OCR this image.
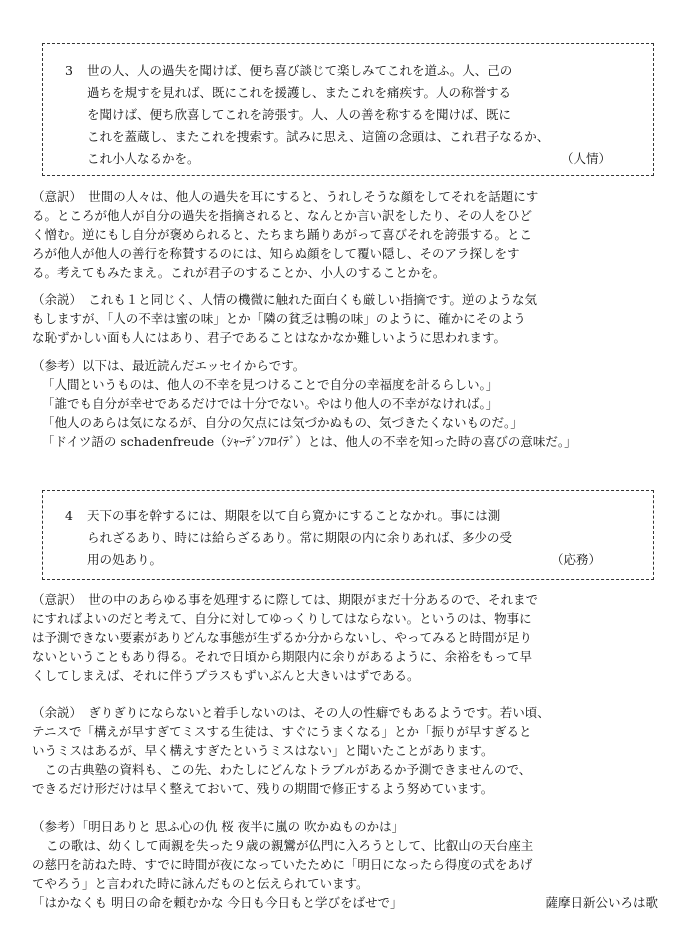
3 世の人、人の過失を聞けば、便ち喜び談じて楽しみてこれを道ふ。人、己の

過ちを規すを見れば、既にこれを援護し、またこれを痛疾す。人の称誉する

を聞けば、便ち欣喜してこれを誇張す。人、人の善を称するを聞けば、既に

これを蓋蔵し、またこれを捜索す。試みに思え、這箇の念頭は、これ君子なるか、

これ小人なるかを。	（人情）

（意訳）　 世間の人々は、他人の過失を耳にすると、うれしそうな顔をしてそれを話題にす

る。ところが他人が自分の過失を指摘されると、なんとか言い訳をしたり、その人をひど

く憎む。逆にもし自分が褒められると、たちまち踊りあがって喜びそれを誇張する。とこ

ろが他人が他人の善行を称賛するのには、知らぬ顔をして覆い隠し、そのアラ探しをす

る。考えてもみたまえ。これが君子のすることか、小人のすることかを。

（余説）　 これも１と同じく、人情の機微に触れた面白くも厳しい指摘です。逆のような気

もしますが、「人の不幸は蜜の味」とか「隣の貧乏は鴨の味」のように、確かにそのよう

な恥ずかしい面も人にはあり、君子であることはなかなか難しいように思われます。

（参考）以下は、最近読んだエッセイからです。

「人間というものは、他人の不幸を見つけることで自分の幸福度を計るらしい。」

「誰でも自分が幸せであるだけでは十分でない。やはり他人の不幸がなければ。」

「他人のあらは気になるが、自分の欠点には気づかぬもの、気づきたくないものだ。」

「ドイツ語の schadenfreude（ｼｬｰﾃﾞﾝﾌﾛｲﾃﾞ）とは、他人の不幸を知った時の喜びの意味だ。」

4 天下の事を幹するには、期限を以て自ら寛かにすることなかれ。事には測

られざるあり、時には給らざるあり。常に期限の内に余りあれば、多少の受

用の処あり。	（応務）

（意訳）　 世の中のあらゆる事を処理するに際しては、期限がまだ十分あるので、それまで

にすればよいのだと考えて、自分に対してゆっくりしてはならない。というのは、物事に

は予測できない要素がありどんな事態が生ずるか分からないし、やってみると時間が足り

ないということもあり得る。それで日頃から期限内に余りがあるように、余裕をもって早

くしてしまえば、それに伴うプラスもずいぶんと大きいはずである。

（余説）　 ぎりぎりにならないと着手しないのは、その人の性癖でもあるようです。若い頃、

テニスで「構えが早すぎてミスする生徒は、すぐにうまくなる」とか「振りが早すぎると

いうミスはあるが、早く構えすぎたというミスはない」と聞いたことがあります。

　この古典塾の資料も、この先、わたしにどんなトラブルがあるか予測できませんので、

できるだけ形だけは早く整えておいて、残りの期間で修正するよう努めています。

（参考）「明日ありと 思ふ心の仇 桜 夜半に嵐の 吹かぬものかは」

この歌は、幼くして両親を失った９歳の親鸞が仏門に入ろうとして、比叡山の天台座主

の慈円を訪ねた時、すでに時間が夜になっていたために「明日になったら得度の式をあげ

てやろう」と言われた時に詠んだものと伝えられています。

「はかなくも 明日の命を頼むかな 今日も今日もと学びをばせで」	薩摩日新公いろは歌
